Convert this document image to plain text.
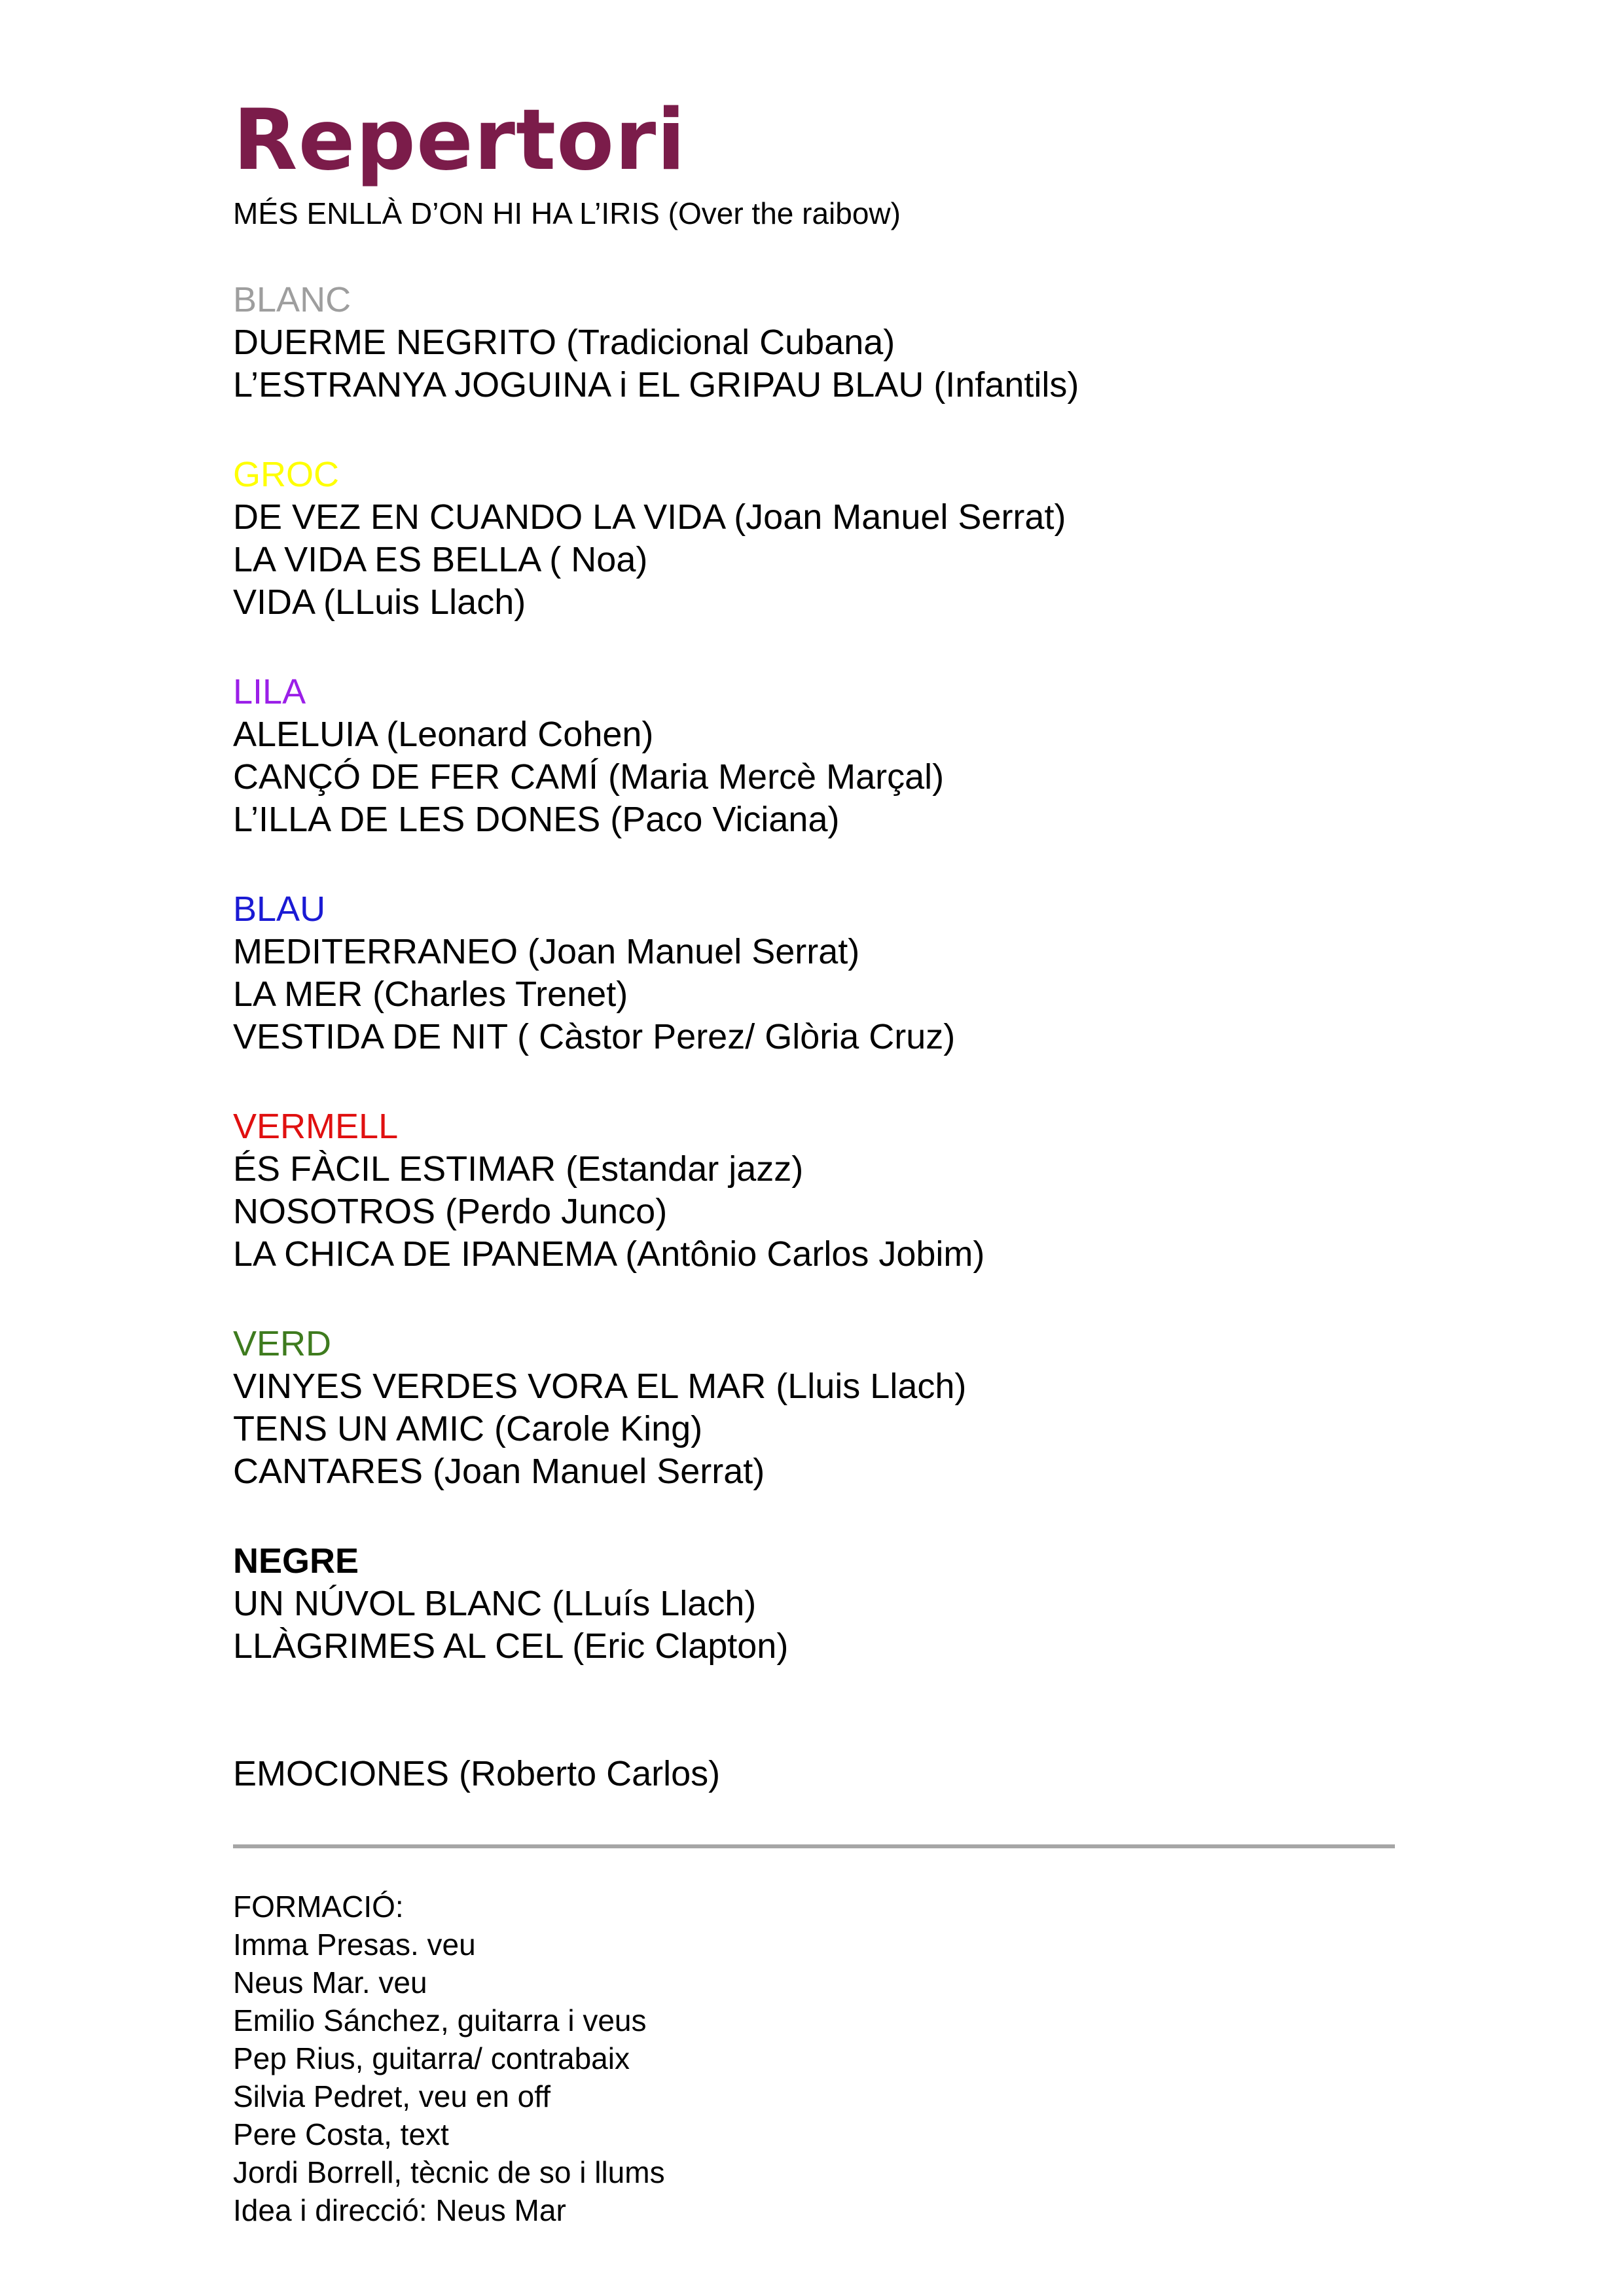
Repertori
MÉS ENLLÀ D’ON HI HA L’IRIS (Over the raibow)
BLANC
DUERME NEGRITO (Tradicional Cubana)
L’ESTRANYA JOGUINA i EL GRIPAU BLAU (Infantils)
GROC
DE VEZ EN CUANDO LA VIDA (Joan Manuel Serrat)
LA VIDA ES BELLA ( Noa)
VIDA (LLuis Llach)
LILA
ALELUIA (Leonard Cohen)
CANÇÓ DE FER CAMÍ (Maria Mercè Marçal)
L’ILLA DE LES DONES (Paco Viciana)
BLAU
MEDITERRANEO (Joan Manuel Serrat)
LA MER (Charles Trenet)
VESTIDA DE NIT ( Càstor Perez/ Glòria Cruz)
VERMELL
ÉS FÀCIL ESTIMAR (Estandar jazz)
NOSOTROS (Perdo Junco)
LA CHICA DE IPANEMA (Antônio Carlos Jobim)
VERD
VINYES VERDES VORA EL MAR (Lluis Llach)
TENS UN AMIC (Carole King)
CANTARES (Joan Manuel Serrat)
NEGRE
UN NÚVOL BLANC (LLuís Llach)
LLÀGRIMES AL CEL (Eric Clapton)
EMOCIONES (Roberto Carlos)
FORMACIÓ:
Imma Presas. veu
Neus Mar. veu
Emilio Sánchez, guitarra i veus
Pep Rius, guitarra/ contrabaix
Silvia Pedret, veu en off
Pere Costa, text
Jordi Borrell, tècnic de so i llums
Idea i direcció: Neus Mar
